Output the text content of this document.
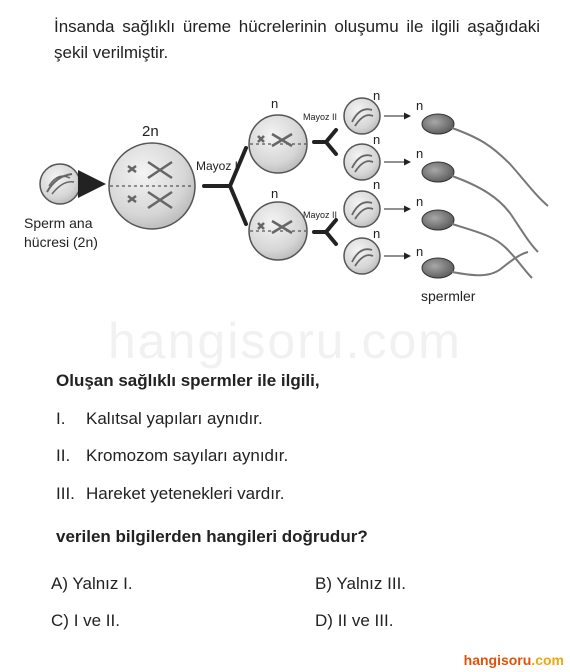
İnsanda sağlıklı üreme hücrelerinin oluşumu ile ilgili aşağıdaki şekil verilmiştir.

Sperm ana
hücresi (2n)
2n
Mayoz I
n
n
Mayoz II
Mayoz II
n
n
n
n
n
n
n
n
spermler
hangisoru.com

Oluşan sağlıklı spermler ile ilgili,

I. Kalıtsal yapıları aynıdır.

II. Kromozom sayıları aynıdır.

III. Hareket yetenekleri vardır.

verilen bilgilerden hangileri doğrudur?

A) Yalnız I.	B) Yalnız III.

C) I ve II.	D) II ve III.

hangisoru.com
